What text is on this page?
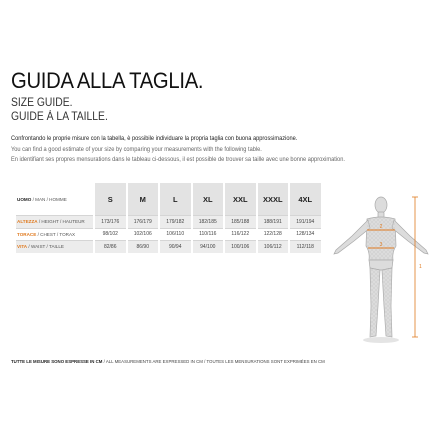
GUIDA ALLA TAGLIA.
SIZE GUIDE.
GUIDE À LA TAILLE.
Confrontando le proprie misure con la tabella, è possibile individuare la propria taglia con buona approssimazione.
You can find a good estimate of your size by comparing your measurements with the following table.
En identifiant ses propres mensurations dans le tableau ci-dessous, il est possible de trouver sa taille avec une bonne approximation.
UOMO / MAN / HOMME	S	M	L	XL	XXL	XXXL	4XL
ALTEZZA / HEIGHT / HAUTEUR	173/176	176/179	179/182	182/185	185/188	188/191	191/194
TORACE / CHEST / TORAX	98/102	102/106	106/110	110/116	116/122	122/128	128/134
VITA / WAIST / TAILLE	82/86	86/90	90/94	94/100	100/106	106/112	112/118
TUTTE LE MISURE SONO ESPRESSE IN CM / ALL MEASUREMENTS ARE EXPRESSED IN CM / TOUTES LES MENSURATIONS SONT EXPRIMÉES EN CM
2
3
1
